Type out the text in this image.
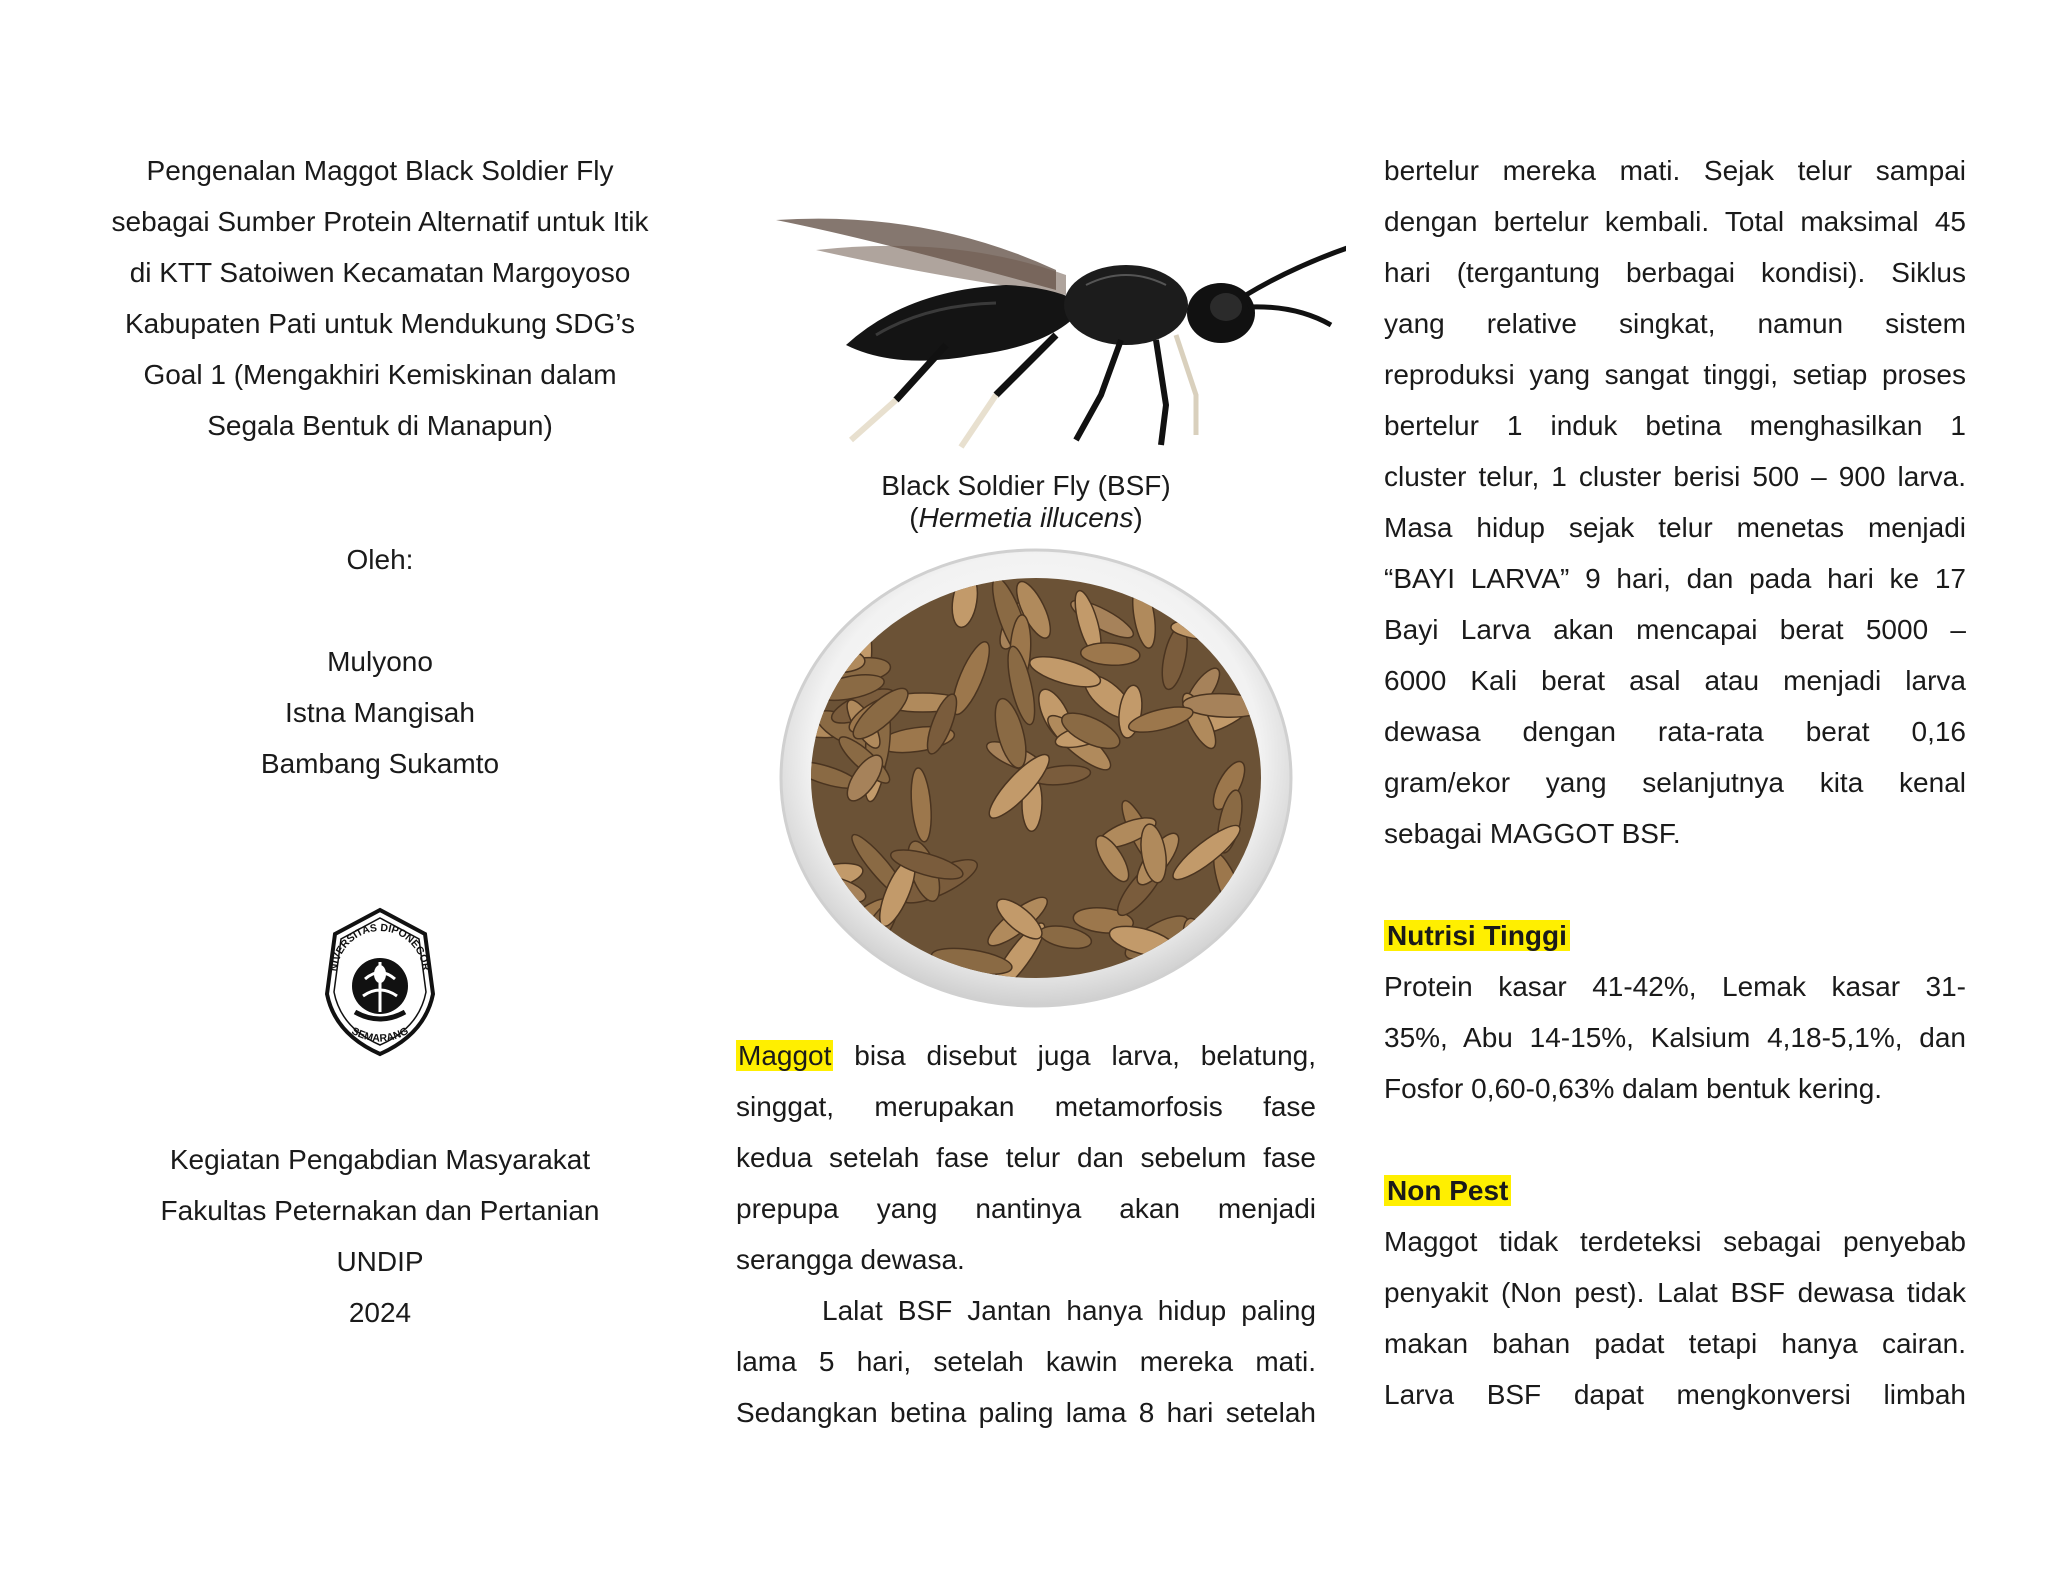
Pengenalan Maggot Black Soldier Fly
sebagai Sumber Protein Alternatif untuk Itik
di KTT Satoiwen Kecamatan Margoyoso
Kabupaten Pati untuk Mendukung SDG’s
Goal 1 (Mengakhiri Kemiskinan dalam
Segala Bentuk di Manapun)
Oleh:
Mulyono
Istna Mangisah
Bambang Sukamto
NIVERSITAS DIPONEGOR
SEMARANG
Kegiatan Pengabdian Masyarakat
Fakultas Peternakan dan Pertanian
UNDIP
2024
Black Soldier Fly (BSF)
(Hermetia illucens)

Maggot bisa disebut juga larva, belatung,

singgat, merupakan metamorfosis fase

kedua setelah fase telur dan sebelum fase

prepupa yang nantinya akan menjadi

serangga dewasa.

Lalat BSF Jantan hanya hidup paling

lama 5 hari, setelah kawin mereka mati.

Sedangkan betina paling lama 8 hari setelah

bertelur mereka mati. Sejak telur sampai

dengan bertelur kembali. Total maksimal 45

hari (tergantung berbagai kondisi). Siklus

yang relative singkat, namun sistem

reproduksi yang sangat tinggi, setiap proses

bertelur 1 induk betina menghasilkan 1

cluster telur, 1 cluster berisi 500 – 900 larva.

Masa hidup sejak telur menetas menjadi

“BAYI LARVA” 9 hari, dan pada hari ke 17

Bayi Larva akan mencapai berat 5000 –

6000 Kali berat asal atau menjadi larva

dewasa dengan rata-rata berat 0,16

gram/ekor yang selanjutnya kita kenal

sebagai MAGGOT BSF.

Nutrisi Tinggi

Protein kasar 41-42%, Lemak kasar 31-

35%, Abu 14-15%, Kalsium 4,18-5,1%, dan

Fosfor 0,60-0,63% dalam bentuk kering.

Non Pest

Maggot tidak terdeteksi sebagai penyebab

penyakit (Non pest). Lalat BSF dewasa tidak

makan bahan padat tetapi hanya cairan.

Larva BSF dapat mengkonversi limbah
